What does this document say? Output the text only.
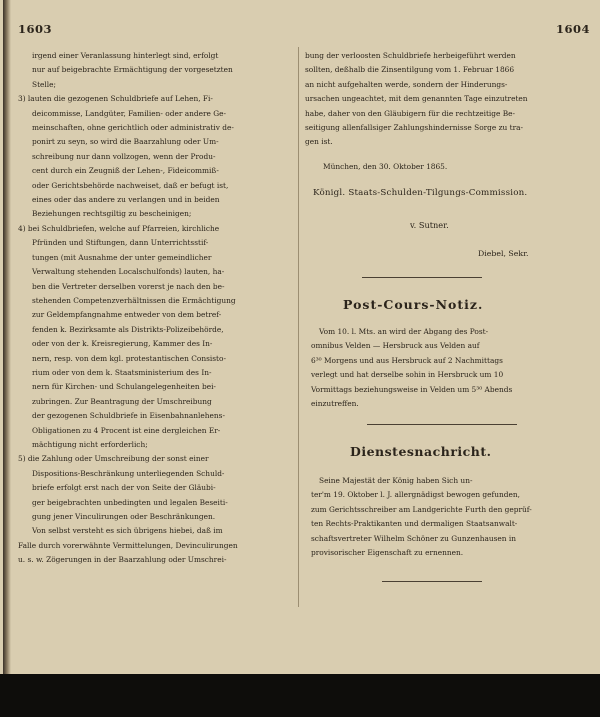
1603	1604
irgend einer Veranlassung hinterlegt sind, erfolgt
nur auf beigebrachte Ermächtigung der vorgesetzten
Stelle;
3) lauten die gezogenen Schuldbriefe auf Lehen, Fi-
deicommisse, Landgüter, Familien- oder andere Ge-
meinschaften, ohne gerichtlich oder administrativ de-
ponirt zu seyn, so wird die Baarzahlung oder Um-
schreibung nur dann vollzogen, wenn der Produ-
cent durch ein Zeugniß der Lehen-, Fideicommiß-
oder Gerichtsbehörde nachweiset, daß er befugt ist,
eines oder das andere zu verlangen und in beiden
Beziehungen rechtsgiltig zu bescheinigen;
4) bei Schuldbriefen, welche auf Pfarreien, kirchliche
Pfründen und Stiftungen, dann Unterrichtsstif-
tungen (mit Ausnahme der unter gemeindlicher
Verwaltung stehenden Localschulfonds) lauten, ha-
ben die Vertreter derselben vorerst je nach den be-
stehenden Competenzverhältnissen die Ermächtigung
zur Geldempfangnahme entweder von dem betref-
fenden k. Bezirksamte als Distrikts-Polizeibehörde,
oder von der k. Kreisregierung, Kammer des In-
nern, resp. von dem kgl. protestantischen Consisto-
rium oder von dem k. Staatsministerium des In-
nern für Kirchen- und Schulangelegenheiten bei-
zubringen. Zur Beantragung der Umschreibung
der gezogenen Schuldbriefe in Eisenbahnanlehens-
Obligationen zu 4 Procent ist eine dergleichen Er-
mächtigung nicht erforderlich;
5) die Zahlung oder Umschreibung der sonst einer
Dispositions-Beschränkung unterliegenden Schuld-
briefe erfolgt erst nach der von Seite der Gläubi-
ger beigebrachten unbedingten und legalen Beseiti-
gung jener Vinculirungen oder Beschränkungen.
Von selbst versteht es sich übrigens hiebei, daß im
Falle durch vorerwähnte Vermittelungen, Devinculirungen
u. s. w. Zögerungen in der Baarzahlung oder Umschrei-
bung der verloosten Schuldbriefe herbeigeführt werden
sollten, deßhalb die Zinsentilgung vom 1. Februar 1866
an nicht aufgehalten werde, sondern der Hinderungs-
ursachen ungeachtet, mit dem genannten Tage einzutreten
habe, daher von den Gläubigern für die rechtzeitige Be-
seitigung allenfallsiger Zahlungshindernisse Sorge zu tra-
gen ist.
München, den 30. Oktober 1865.
Königl. Staats-Schulden-Tilgungs-Commission.
v. Sutner.
Diebel, Sekr.
Post-Cours-Notiz.
Vom 10. l. Mts. an wird der Abgang des Post-
omnibus Velden — Hersbruck aus Velden auf
6³⁰ Morgens und aus Hersbruck auf 2 Nachmittags
verlegt und hat derselbe sohin in Hersbruck um 10
Vormittags beziehungsweise in Velden um 5³⁰ Abends
einzutreffen.
Dienstesnachricht.
Seine Majestät der König haben Sich un-
ter'm 19. Oktober l. J. allergnädigst bewogen gefunden,
zum Gerichtsschreiber am Landgerichte Furth den geprüf-
ten Rechts-Praktikanten und dermaligen Staatsanwalt-
schaftsvertreter Wilhelm Schöner zu Gunzenhausen in
provisorischer Eigenschaft zu ernennen.
